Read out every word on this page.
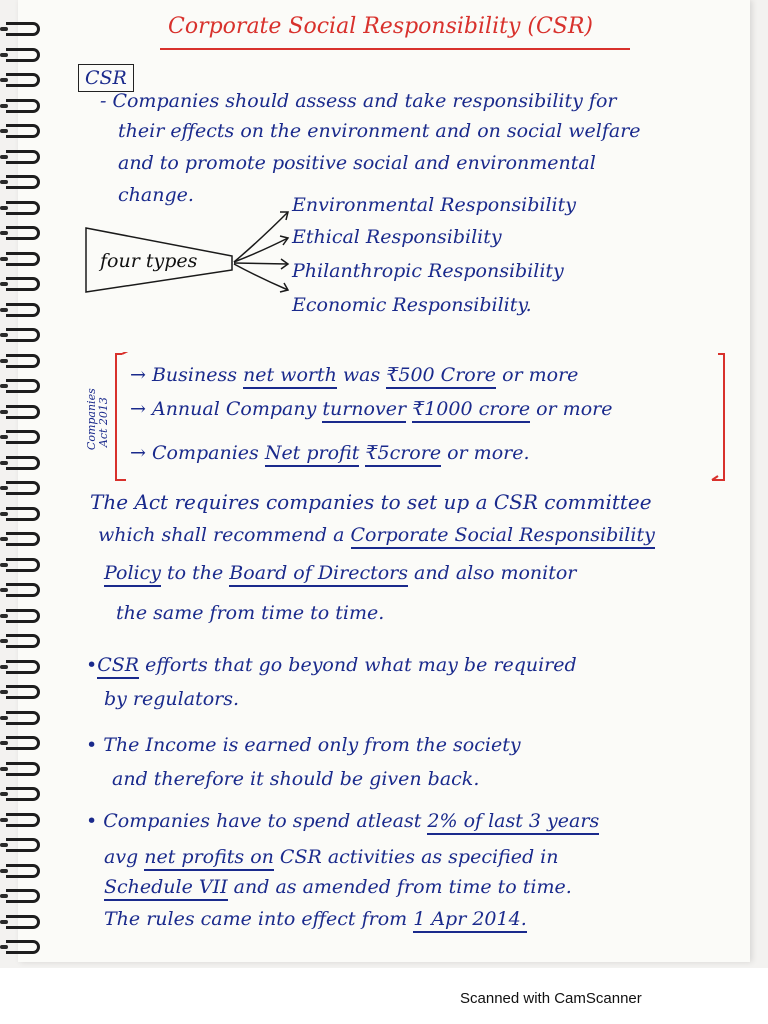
Corporate Social Responsibility (CSR)
CSR
- Companies should assess and take responsibility for
their effects on the environment and on social welfare
and to promote positive social and environmental
change.
four types
Environmental Responsibility
Ethical Responsibility
Philanthropic Responsibility
Economic Responsibility.
Companies Act 2013
→ Business net worth was ₹500 Crore or more
→ Annual Company turnover ₹1000 crore or more
→ Companies Net profit ₹5crore or more.
The Act requires companies to set up a CSR committee
which shall recommend a Corporate Social Responsibility
Policy to the Board of Directors and also monitor
the same from time to time.
•CSR efforts that go beyond what may be required
by regulators.
• The Income is earned only from the society
and therefore it should be given back.
• Companies have to spend atleast 2% of last 3 years
avg net profits on CSR activities as specified in
Schedule VII and as amended from time to time.
The rules came into effect from 1 Apr 2014.
Scanned with CamScanner
